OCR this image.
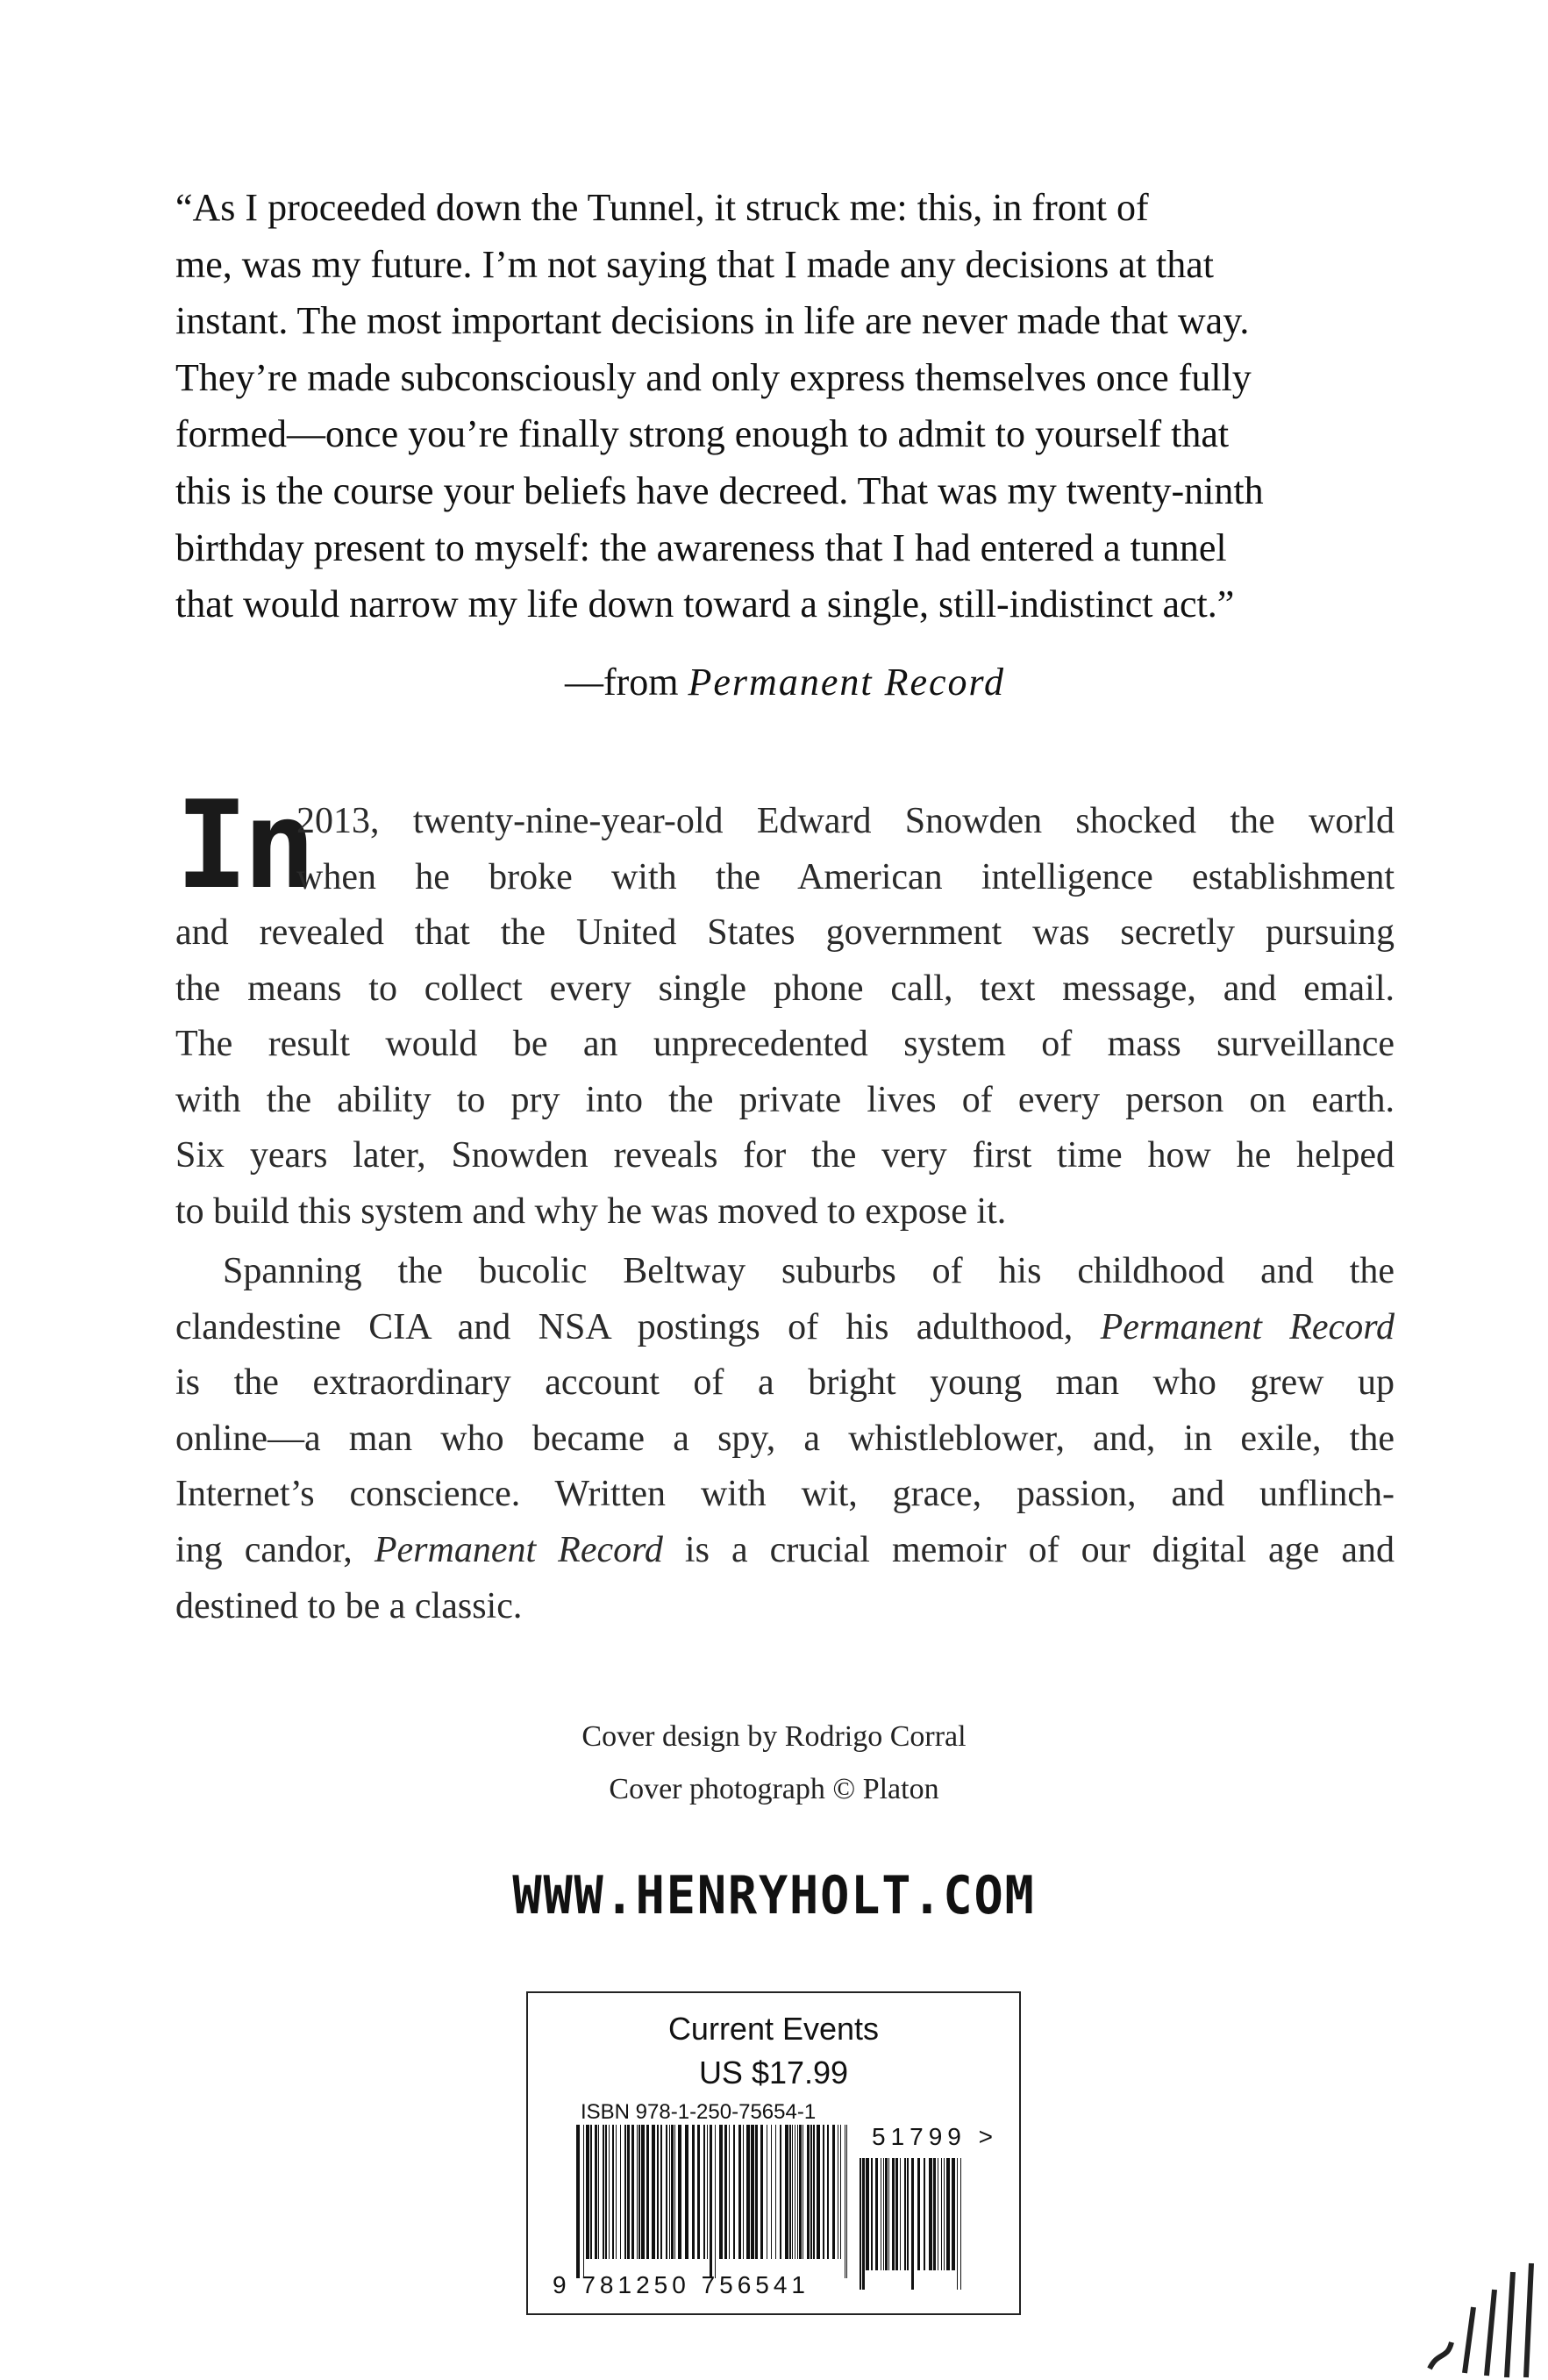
“As I proceeded down the Tunnel, it struck me: this, in front of
me, was my future. I’m not saying that I made any decisions at that
instant. The most important decisions in life are never made that way.
They’re made subconsciously and only express themselves once fully
formed—once you’re finally strong enough to admit to yourself that
this is the course your beliefs have decreed. That was my twenty-ninth
birthday present to myself: the awareness that I had entered a tunnel
that would narrow my life down toward a single, still-indistinct act.”
—from Permanent Record
In
2013, twenty-nine-year-old Edward Snowden shocked the world
when he broke with the American intelligence establishment
and revealed that the United States government was secretly pursuing
the means to collect every single phone call, text message, and email.
The result would be an unprecedented system of mass surveillance
with the ability to pry into the private lives of every person on earth.
Six years later, Snowden reveals for the very first time how he helped
to build this system and why he was moved to expose it.
Spanning the bucolic Beltway suburbs of his childhood and the
clandestine CIA and NSA postings of his adulthood, Permanent Record
is the extraordinary account of a bright young man who grew up
online—a man who became a spy, a whistleblower, and, in exile, the
Internet’s conscience. Written with wit, grace, passion, and unflinch-
ing candor, Permanent Record is a crucial memoir of our digital age and
destined to be a classic.
Cover design by Rodrigo Corral
Cover photograph © Platon
WWW.HENRYHOLT.COM
Current Events
US $17.99
ISBN 978-1-250-75654-1
51799 >
9 781250 756541
